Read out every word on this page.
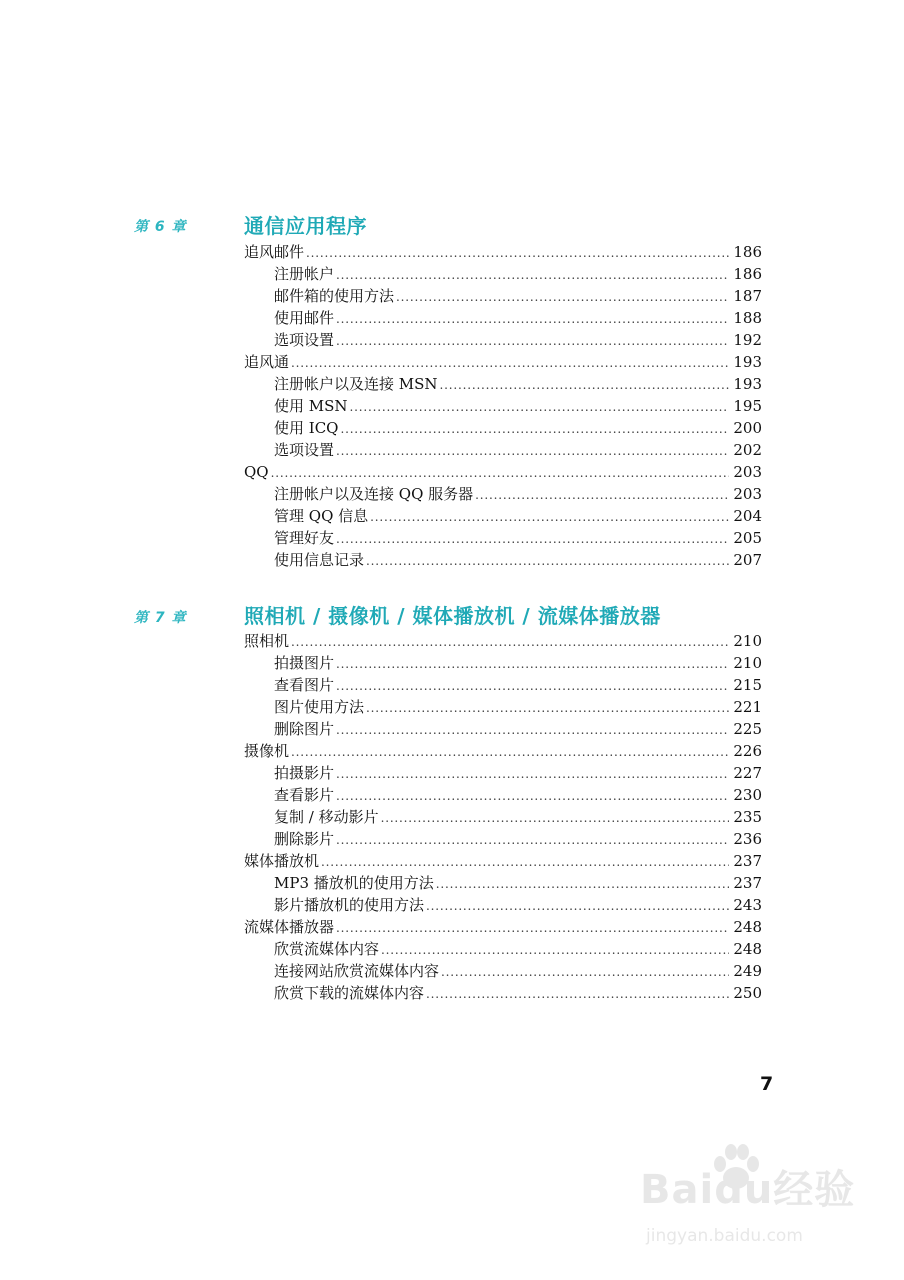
第 6 章	通信应用程序
追风邮件 .....	186
注册帐户 .....	186
邮件箱的使用方法 .....	187
使用邮件 .....	188
选项设置 .....	192
追风通 .....	193
注册帐户以及连接 MSN .....	193
使用 MSN .....	195
使用 ICQ .....	200
选项设置 .....	202
QQ .....	203
注册帐户以及连接 QQ 服务器 .....	203
管理 QQ 信息 .....	204
管理好友 .....	205
使用信息记录 .....	207
第 7 章	照相机 / 摄像机 / 媒体播放机 / 流媒体播放器
照相机 .....	210
拍摄图片 .....	210
查看图片 .....	215
图片使用方法 .....	221
删除图片 .....	225
摄像机 .....	226
拍摄影片 .....	227
查看影片 .....	230
复制 / 移动影片 .....	235
删除影片 .....	236
媒体播放机 .....	237
MP3 播放机的使用方法 .....	237
影片播放机的使用方法 .....	243
流媒体播放器 .....	248
欣赏流媒体内容 .....	248
连接网站欣赏流媒体内容 .....	249
欣赏下载的流媒体内容 .....	250
7
Baidu经验
jingyan.baidu.com
